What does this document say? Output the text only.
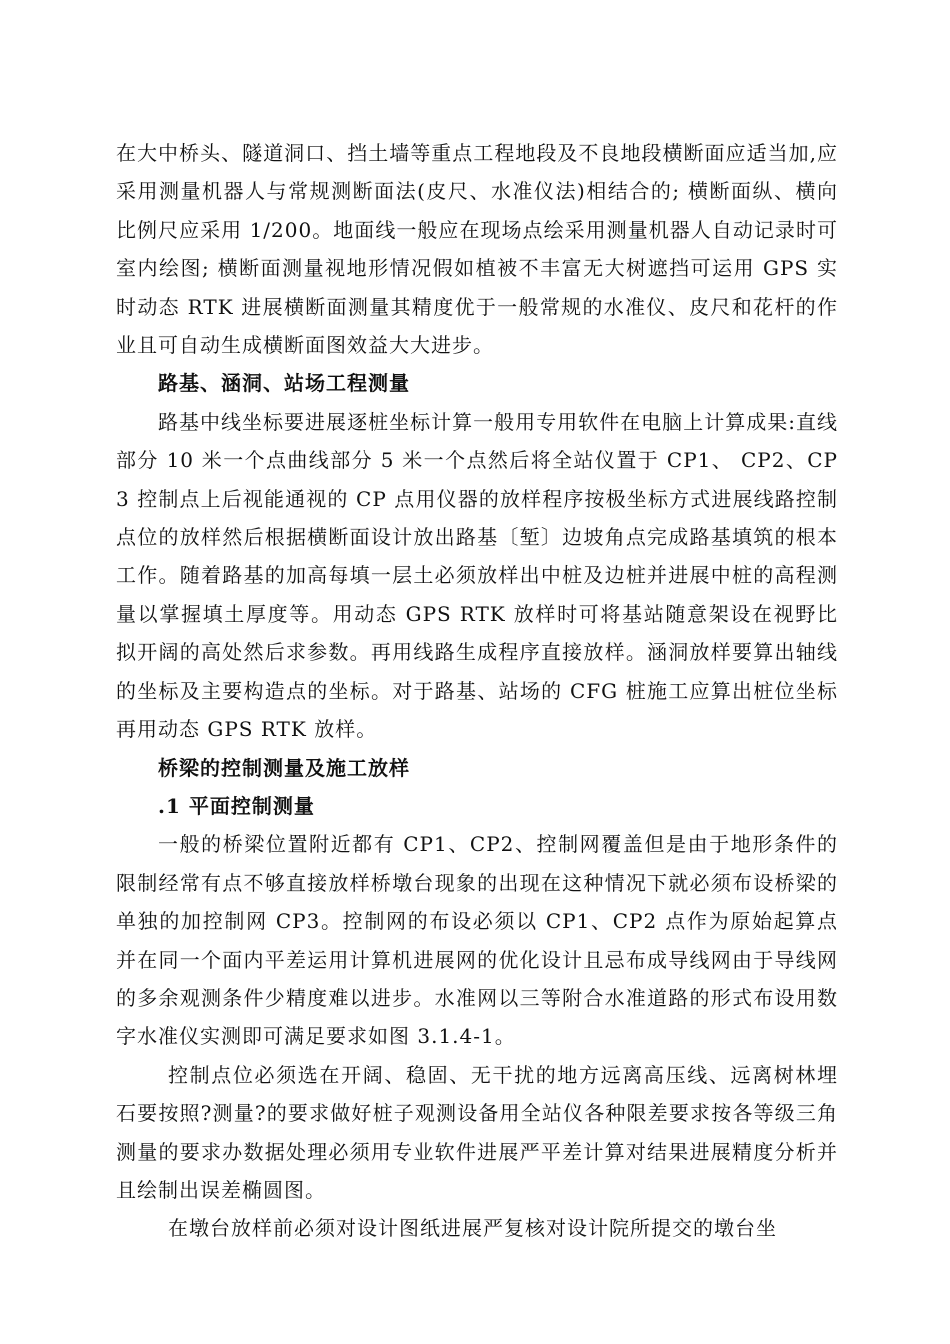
在大中桥头、隧道洞口、挡土墙等重点工程地段及不良地段横断面应适当加,应采用测量机器人与常规测断面法(皮尺、水准仪法)相结合的; 横断面纵、横向比例尺应采用 1/200。地面线一般应在现场点绘采用测量机器人自动记录时可室内绘图; 横断面测量视地形情况假如植被不丰富无大树遮挡可运用 GPS 实时动态 RTK 进展横断面测量其精度优于一般常规的水准仪、皮尺和花杆的作业且可自动生成横断面图效益大大进步。

路基、涵洞、站场工程测量

路基中线坐标要进展逐桩坐标计算一般用专用软件在电脑上计算成果:直线部分 10 米一个点曲线部分 5 米一个点然后将全站仪置于 CP1、 CP2、CP3 控制点上后视能通视的 CP 点用仪器的放样程序按极坐标方式进展线路控制点位的放样然后根据横断面设计放出路基〔堑〕边坡角点完成路基填筑的根本工作。随着路基的加高每填一层土必须放样出中桩及边桩并进展中桩的高程测量以掌握填土厚度等。用动态 GPS RTK 放样时可将基站随意架设在视野比拟开阔的高处然后求参数。再用线路生成程序直接放样。涵洞放样要算出轴线的坐标及主要构造点的坐标。对于路基、站场的 CFG 桩施工应算出桩位坐标再用动态 GPS RTK 放样。

桥梁的控制测量及施工放样

.1 平面控制测量

一般的桥梁位置附近都有 CP1、CP2、控制网覆盖但是由于地形条件的限制经常有点不够直接放样桥墩台现象的出现在这种情况下就必须布设桥梁的单独的加控制网 CP3。控制网的布设必须以 CP1、CP2 点作为原始起算点并在同一个面内平差运用计算机进展网的优化设计且忌布成导线网由于导线网的多余观测条件少精度难以进步。水准网以三等附合水准道路的形式布设用数字水准仪实测即可满足要求如图 3.1.4-1。

控制点位必须选在开阔、稳固、无干扰的地方远离高压线、远离树林埋石要按照?测量?的要求做好桩子观测设备用全站仪各种限差要求按各等级三角测量的要求办数据处理必须用专业软件进展严平差计算对结果进展精度分析并且绘制出误差椭圆图。

在墩台放样前必须对设计图纸进展严复核对设计院所提交的墩台坐
